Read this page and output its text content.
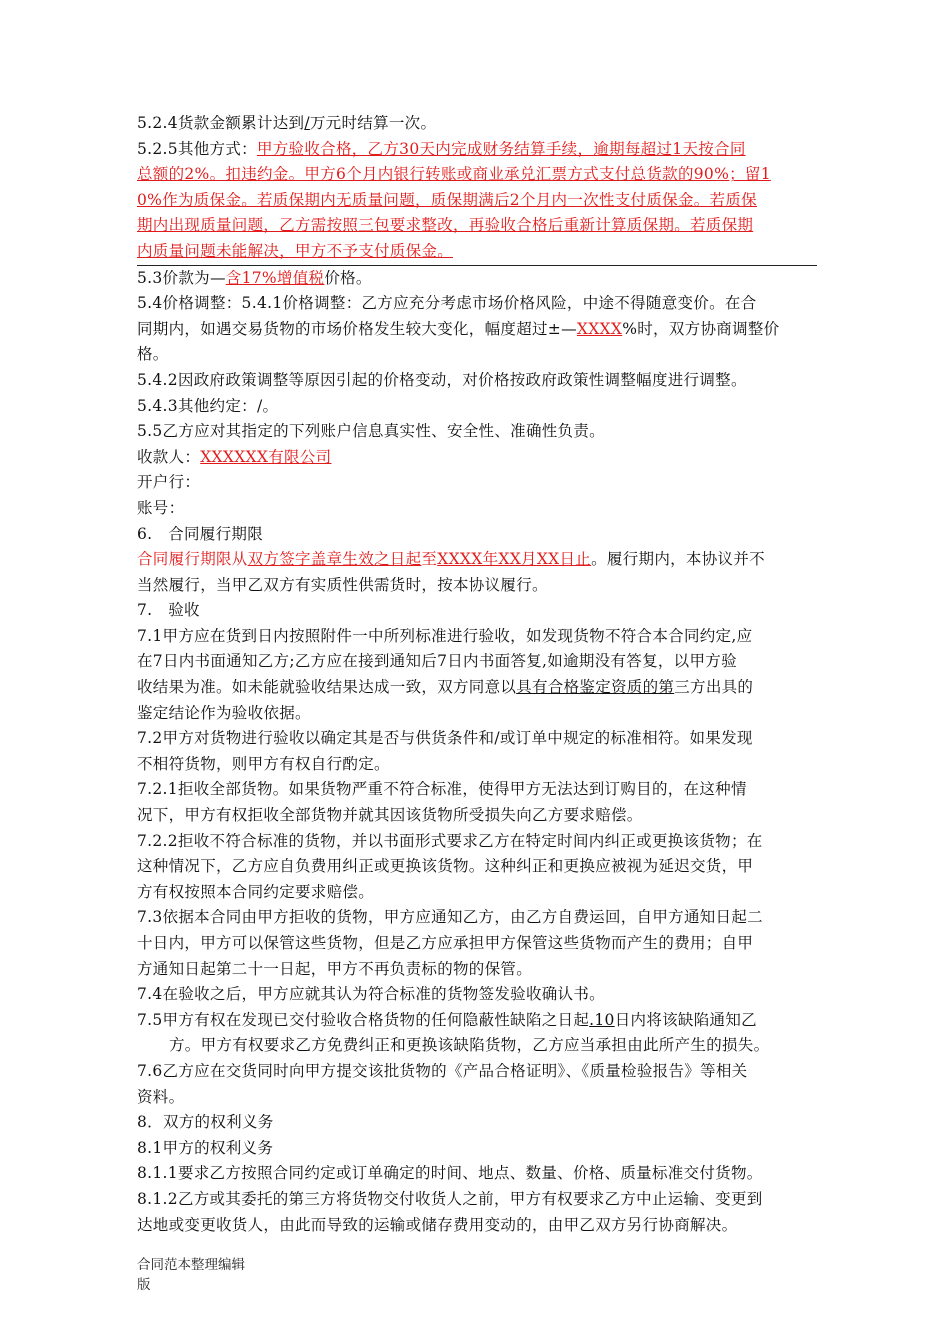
5.2.4货款金额累计达到/万元时结算一次。
5.2.5其他方式：甲方验收合格，乙方30天内完成财务结算手续，逾期每超过1天按合同
总额的2%。扣违约金。甲方6个月内银行转账或商业承兑汇票方式支付总货款的90%；留1
0%作为质保金。若质保期内无质量问题，质保期满后2个月内一次性支付质保金。若质保
期内出现质量问题，乙方需按照三包要求整改，再验收合格后重新计算质保期。若质保期
内质量问题未能解决，甲方不予支付质保金。
5.3价款为—含17%增值税价格。
5.4价格调整：5.4.1价格调整：乙方应充分考虑市场价格风险，中途不得随意变价。在合
同期内，如遇交易货物的市场价格发生较大变化，幅度超过±—XXXX%时，双方协商调整价
格。
5.4.2因政府政策调整等原因引起的价格变动，对价格按政府政策性调整幅度进行调整。
5.4.3其他约定：/。
5.5乙方应对其指定的下列账户信息真实性、安全性、准确性负责。
收款人：XXXXXX有限公司
开户行：
账号：
6.　合同履行期限
合同履行期限从双方签字盖章生效之日起至XXXX年XX月XX日止。履行期内，本协议并不
当然履行，当甲乙双方有实质性供需货时，按本协议履行。
7.　验收
7.1甲方应在货到日内按照附件一中所列标准进行验收，如发现货物不符合本合同约定,应
在7日内书面通知乙方;乙方应在接到通知后7日内书面答复,如逾期没有答复，以甲方验
收结果为准。如未能就验收结果达成一致，双方同意以具有合格鉴定资质的第三方出具的
鉴定结论作为验收依据。
7.2甲方对货物进行验收以确定其是否与供货条件和/或订单中规定的标准相符。如果发现
不相符货物，则甲方有权自行酌定。
7.2.1拒收全部货物。如果货物严重不符合标准，使得甲方无法达到订购目的，在这种情
况下，甲方有权拒收全部货物并就其因该货物所受损失向乙方要求赔偿。
7.2.2拒收不符合标准的货物，并以书面形式要求乙方在特定时间内纠正或更换该货物；在
这种情况下，乙方应自负费用纠正或更换该货物。这种纠正和更换应被视为延迟交货，甲
方有权按照本合同约定要求赔偿。
7.3依据本合同由甲方拒收的货物，甲方应通知乙方，由乙方自费运回，自甲方通知日起二
十日内，甲方可以保管这些货物，但是乙方应承担甲方保管这些货物而产生的费用；自甲
方通知日起第二十一日起，甲方不再负责标的物的保管。
7.4在验收之后，甲方应就其认为符合标准的货物签发验收确认书。
7.5甲方有权在发现已交付验收合格货物的任何隐蔽性缺陷之日起.10日内将该缺陷通知乙
方。甲方有权要求乙方免费纠正和更换该缺陷货物，乙方应当承担由此所产生的损失。
7.6乙方应在交货同时向甲方提交该批货物的《产品合格证明》、《质量检验报告》等相关
资料。
8．双方的权利义务
8.1甲方的权利义务
8.1.1要求乙方按照合同约定或订单确定的时间、地点、数量、价格、质量标准交付货物。
8.1.2乙方或其委托的第三方将货物交付收货人之前，甲方有权要求乙方中止运输、变更到
达地或变更收货人，由此而导致的运输或储存费用变动的，由甲乙双方另行协商解决。
合同范本整理编辑
版
